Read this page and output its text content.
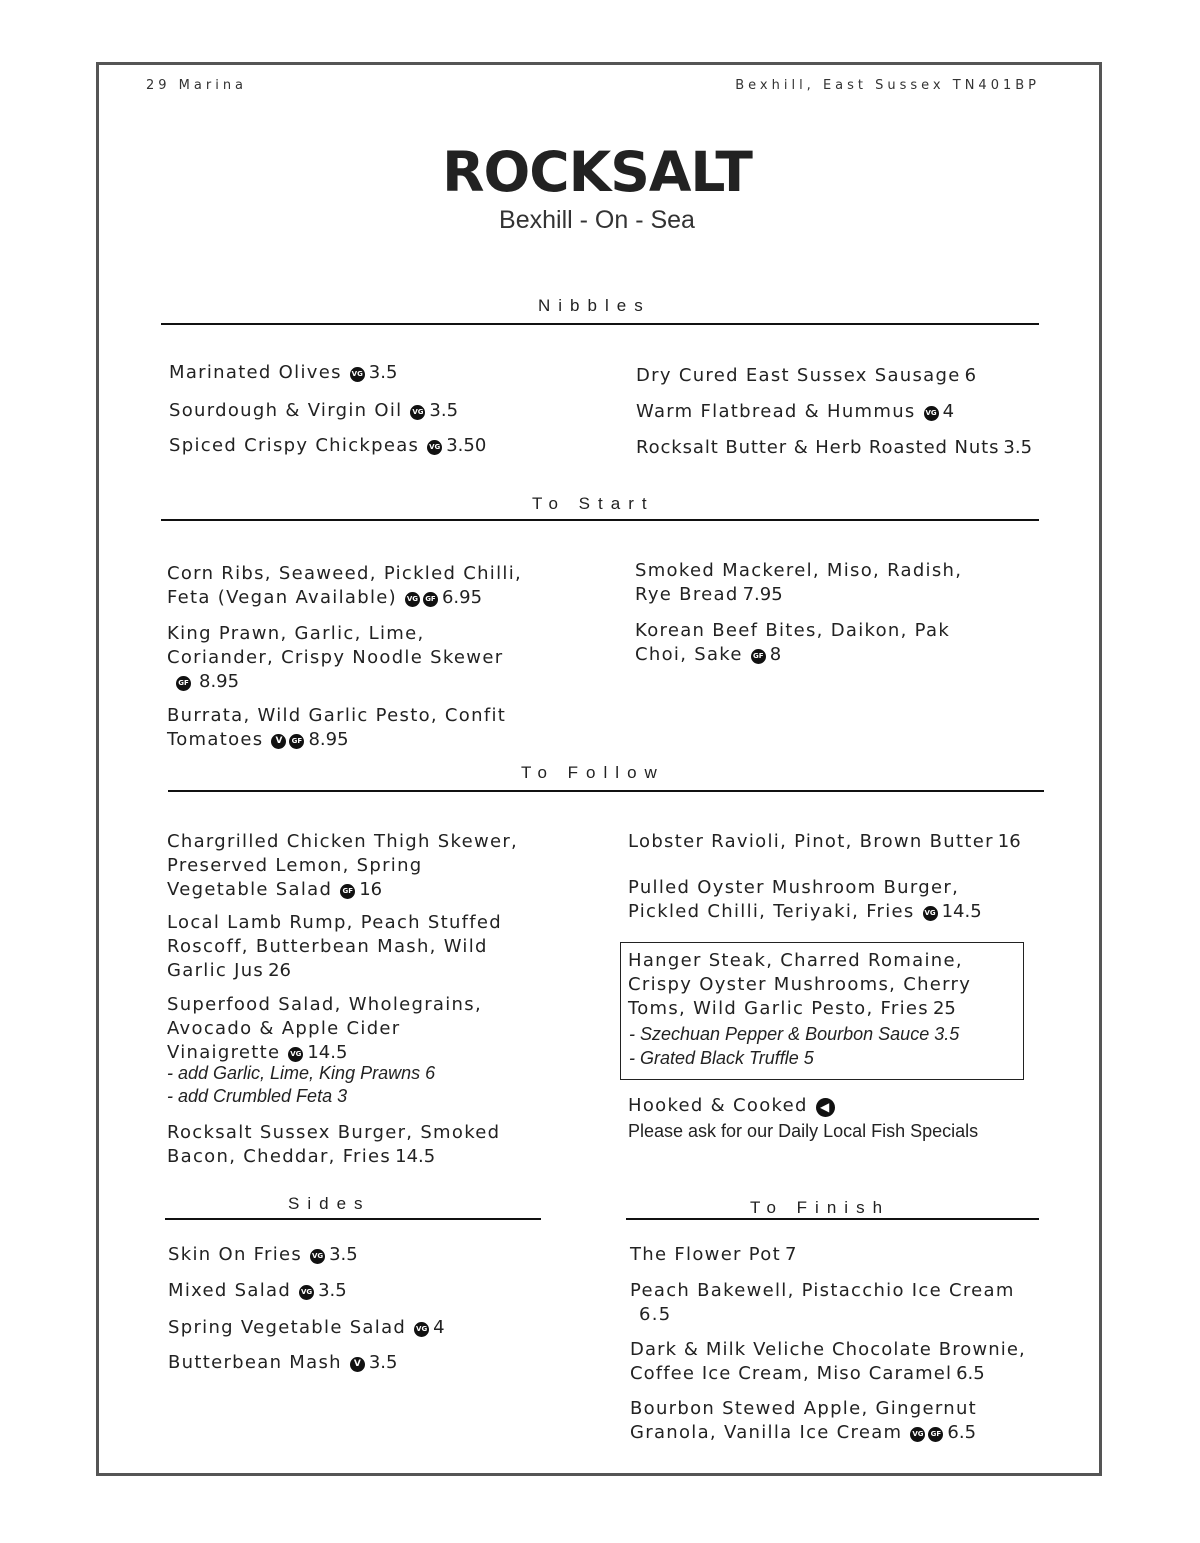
29 Marina	Bexhill, East Sussex TN401BP
ROCKSALT
Bexhill - On - Sea
Nibbles
Marinated Olives VG 3.5
Sourdough & Virgin Oil VG 3.5
Spiced Crispy Chickpeas VG 3.50
Dry Cured East Sussex Sausage 6
Warm Flatbread & Hummus VG 4
Rocksalt Butter & Herb Roasted Nuts 3.5
To Start
Corn Ribs, Seaweed, Pickled Chilli,
Feta (Vegan Available) VG GF 6.95
King Prawn, Garlic, Lime,
Coriander, Crispy Noodle Skewer
GF 8.95
Burrata, Wild Garlic Pesto, Confit
Tomatoes V GF 8.95
Smoked Mackerel, Miso, Radish,
Rye Bread 7.95
Korean Beef Bites, Daikon, Pak
Choi, Sake GF 8
To Follow
Chargrilled Chicken Thigh Skewer,
Preserved Lemon, Spring
Vegetable Salad GF 16
Local Lamb Rump, Peach Stuffed
Roscoff, Butterbean Mash, Wild
Garlic Jus 26
Superfood Salad, Wholegrains,
Avocado & Apple Cider
Vinaigrette VG 14.5
- add Garlic, Lime, King Prawns 6
- add Crumbled Feta 3
Rocksalt Sussex Burger, Smoked
Bacon, Cheddar, Fries 14.5
Lobster Ravioli, Pinot, Brown Butter 16
Pulled Oyster Mushroom Burger,
Pickled Chilli, Teriyaki, Fries VG 14.5
Hanger Steak, Charred Romaine,
Crispy Oyster Mushrooms, Cherry
Toms, Wild Garlic Pesto, Fries 25
- Szechuan Pepper & Bourbon Sauce 3.5
- Grated Black Truffle 5
Hooked & Cooked ◀
Please ask for our Daily Local Fish Specials
Sides
Skin On Fries VG 3.5
Mixed Salad VG 3.5
Spring Vegetable Salad VG 4
Butterbean Mash V 3.5
To Finish
The Flower Pot 7
Peach Bakewell, Pistacchio Ice Cream
6.5
Dark & Milk Veliche Chocolate Brownie,
Coffee Ice Cream, Miso Caramel 6.5
Bourbon Stewed Apple, Gingernut
Granola, Vanilla Ice Cream VG GF 6.5
